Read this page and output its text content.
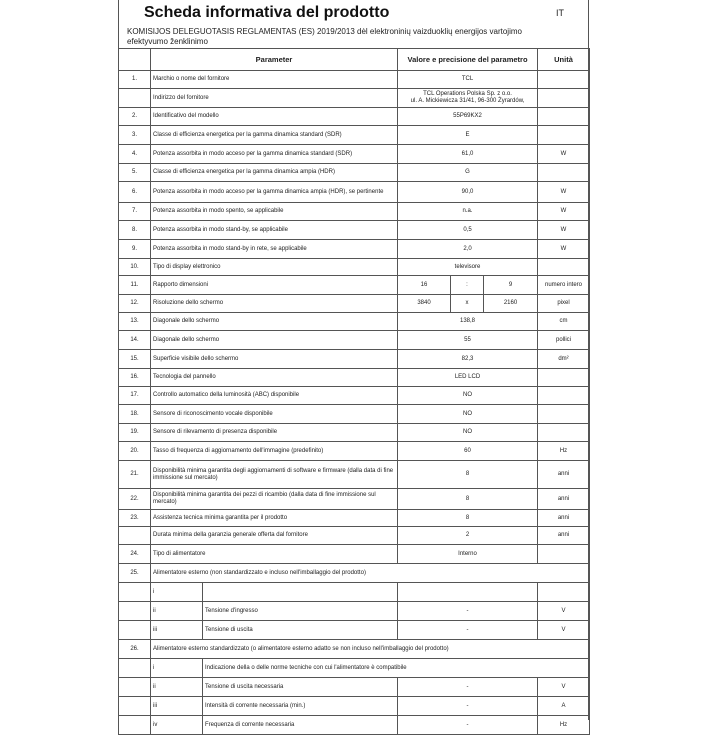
Scheda informativa del prodotto	IT
KOMISIJOS DELEGUOTASIS REGLAMENTAS (ES) 2019/2013 dėl elektroninių vaizduoklių energijos vartojimo efektyvumo ženklinimo
	Parameter		Valore e precisione del parametro			Unità
1.	Marchio o nome del fornitore		TCL			
	Indirizzo del fornitore		TCL Operations Polska Sp. z o.o.
ul. A. Mickiewicza 31/41, 96-300 Żyrardów,			

2.	Identificativo del modello		55P69KX2			
3.	Classe di efficienza energetica per la gamma dinamica standard (SDR)		E			
4.	Potenza assorbita in modo acceso per la gamma dinamica standard (SDR)		61,0			W
5.	Classe di efficienza energetica per la gamma dinamica ampia (HDR)		G			
6.	Potenza assorbita in modo acceso per la gamma dinamica ampia (HDR), se pertinente		90,0			W
7.	Potenza assorbita in modo spento, se applicabile		n.a.			W
8.	Potenza assorbita in modo stand-by, se applicabile		0,5			W
9.	Potenza assorbita in modo stand-by in rete, se applicabile		2,0			W
10.	Tipo di display elettronico		televisore			
11.	Rapporto dimensioni		16	:	9	numero intero
12.	Risoluzione dello schermo		3840	x	2160	pixel
13.	Diagonale dello schermo		138,8			cm
14.	Diagonale dello schermo		55			pollici
15.	Superficie visibile dello schermo		82,3			dm²
16.	Tecnologia del pannello		LED LCD			
17.	Controllo automatico della luminosità (ABC) disponibile		NO			
18.	Sensore di riconoscimento vocale disponibile		NO			
19.	Sensore di rilevamento di presenza disponibile		NO			
20.	Tasso di frequenza di aggiornamento dell'immagine (predefinito)		60			Hz
21.	Disponibilità minima garantita degli aggiornamenti di software e firmware (dalla data di fine immissione sul mercato)		8			anni
22.	Disponibilità minima garantita dei pezzi di ricambio (dalla data di fine immissione sul mercato)		8			anni
23.	Assistenza tecnica minima garantita per il prodotto		8			anni
	Durata minima della garanzia generale offerta dal fornitore		2			anni
24.	Tipo di alimentatore		Interno			
25.	Alimentatore esterno (non standardizzato e incluso nell'imballaggio del prodotto)					
	i					
	ii	Tensione d'ingresso	-			V
	iii	Tensione di uscita	-			V
26.	Alimentatore esterno standardizzato (o alimentatore esterno adatto se non incluso nell'imballaggio del prodotto)					
	i	Indicazione della o delle norme tecniche con cui l'alimentatore è compatibile				
	ii	Tensione di uscita necessaria	-			V
	iii	Intensità di corrente necessaria (min.)	-			A
	iv	Frequenza di corrente necessaria	-			Hz
